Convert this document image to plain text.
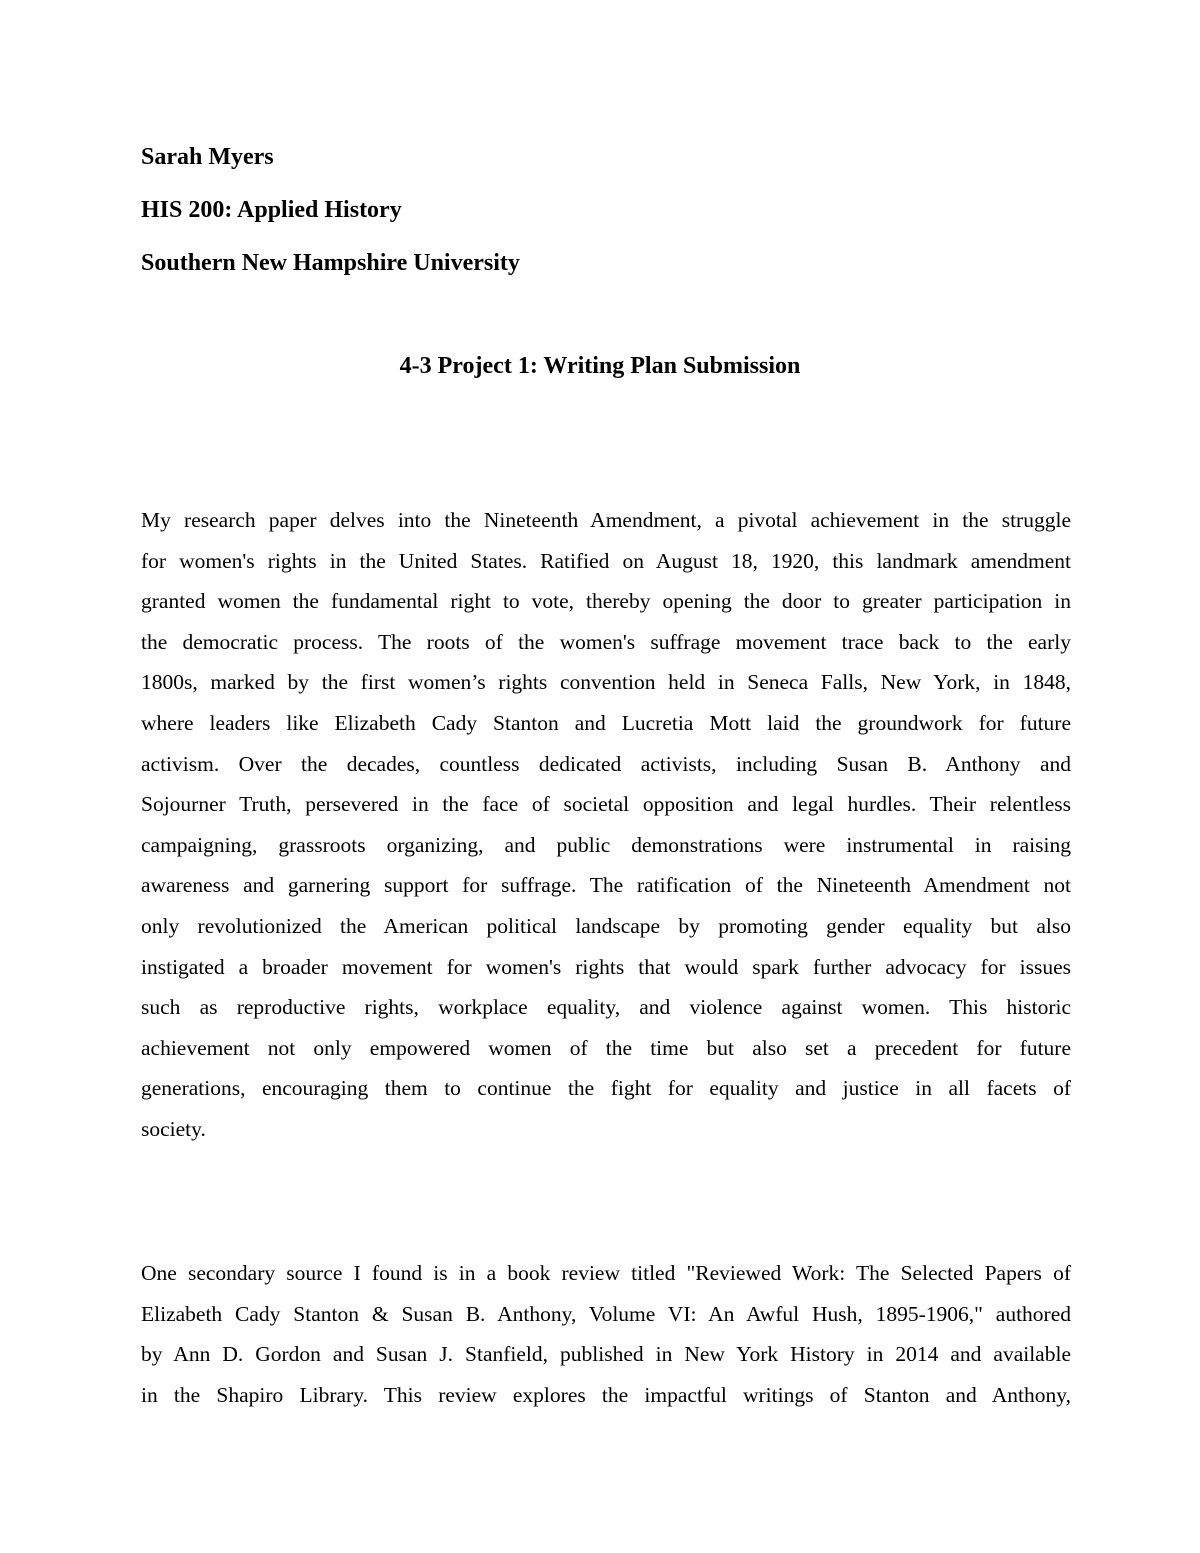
Sarah Myers
HIS 200: Applied History
Southern New Hampshire University
4-3 Project 1: Writing Plan Submission
My research paper delves into the Nineteenth Amendment, a pivotal achievement in the struggle
for women's rights in the United States. Ratified on August 18, 1920, this landmark amendment
granted women the fundamental right to vote, thereby opening the door to greater participation in
the democratic process. The roots of the women's suffrage movement trace back to the early
1800s, marked by the first women’s rights convention held in Seneca Falls, New York, in 1848,
where leaders like Elizabeth Cady Stanton and Lucretia Mott laid the groundwork for future
activism. Over the decades, countless dedicated activists, including Susan B. Anthony and
Sojourner Truth, persevered in the face of societal opposition and legal hurdles. Their relentless
campaigning, grassroots organizing, and public demonstrations were instrumental in raising
awareness and garnering support for suffrage. The ratification of the Nineteenth Amendment not
only revolutionized the American political landscape by promoting gender equality but also
instigated a broader movement for women's rights that would spark further advocacy for issues
such as reproductive rights, workplace equality, and violence against women. This historic
achievement not only empowered women of the time but also set a precedent for future
generations, encouraging them to continue the fight for equality and justice in all facets of
society.
One secondary source I found is in a book review titled "Reviewed Work: The Selected Papers of
Elizabeth Cady Stanton & Susan B. Anthony, Volume VI: An Awful Hush, 1895-1906," authored
by Ann D. Gordon and Susan J. Stanfield, published in New York History in 2014 and available
in the Shapiro Library. This review explores the impactful writings of Stanton and Anthony,
